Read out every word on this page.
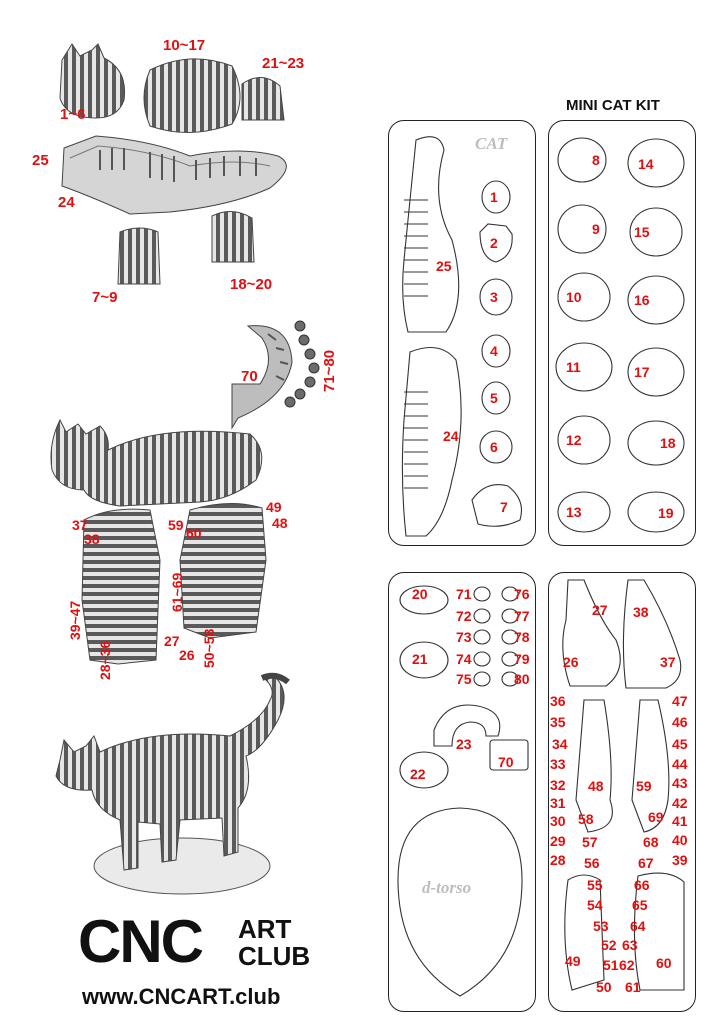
1~6
10~17
21~23
25
24
7~9
18~20
70	71~80
49
48
37
38
59 60
39~47
61~69
27
26 50~58
28~36
CNC ART
CLUB
www.CNCART.club
MINI CAT KIT
CAT
d-torso
1
2
3
4
5
6
7
25
24
8
9
10
11
12
13
14
15
16
17
18
19
20
21
22
23
70
71
72
73
74
75
76
77
78
79
80
27 38
26	37
36
35
34
33
32
31
30
29
28
47
46
45
44
43
42
41
40
39
48 59
58
57
56
55
54
53
52
51
50
69
68
67
66
65
64
63
62
61
60
49
